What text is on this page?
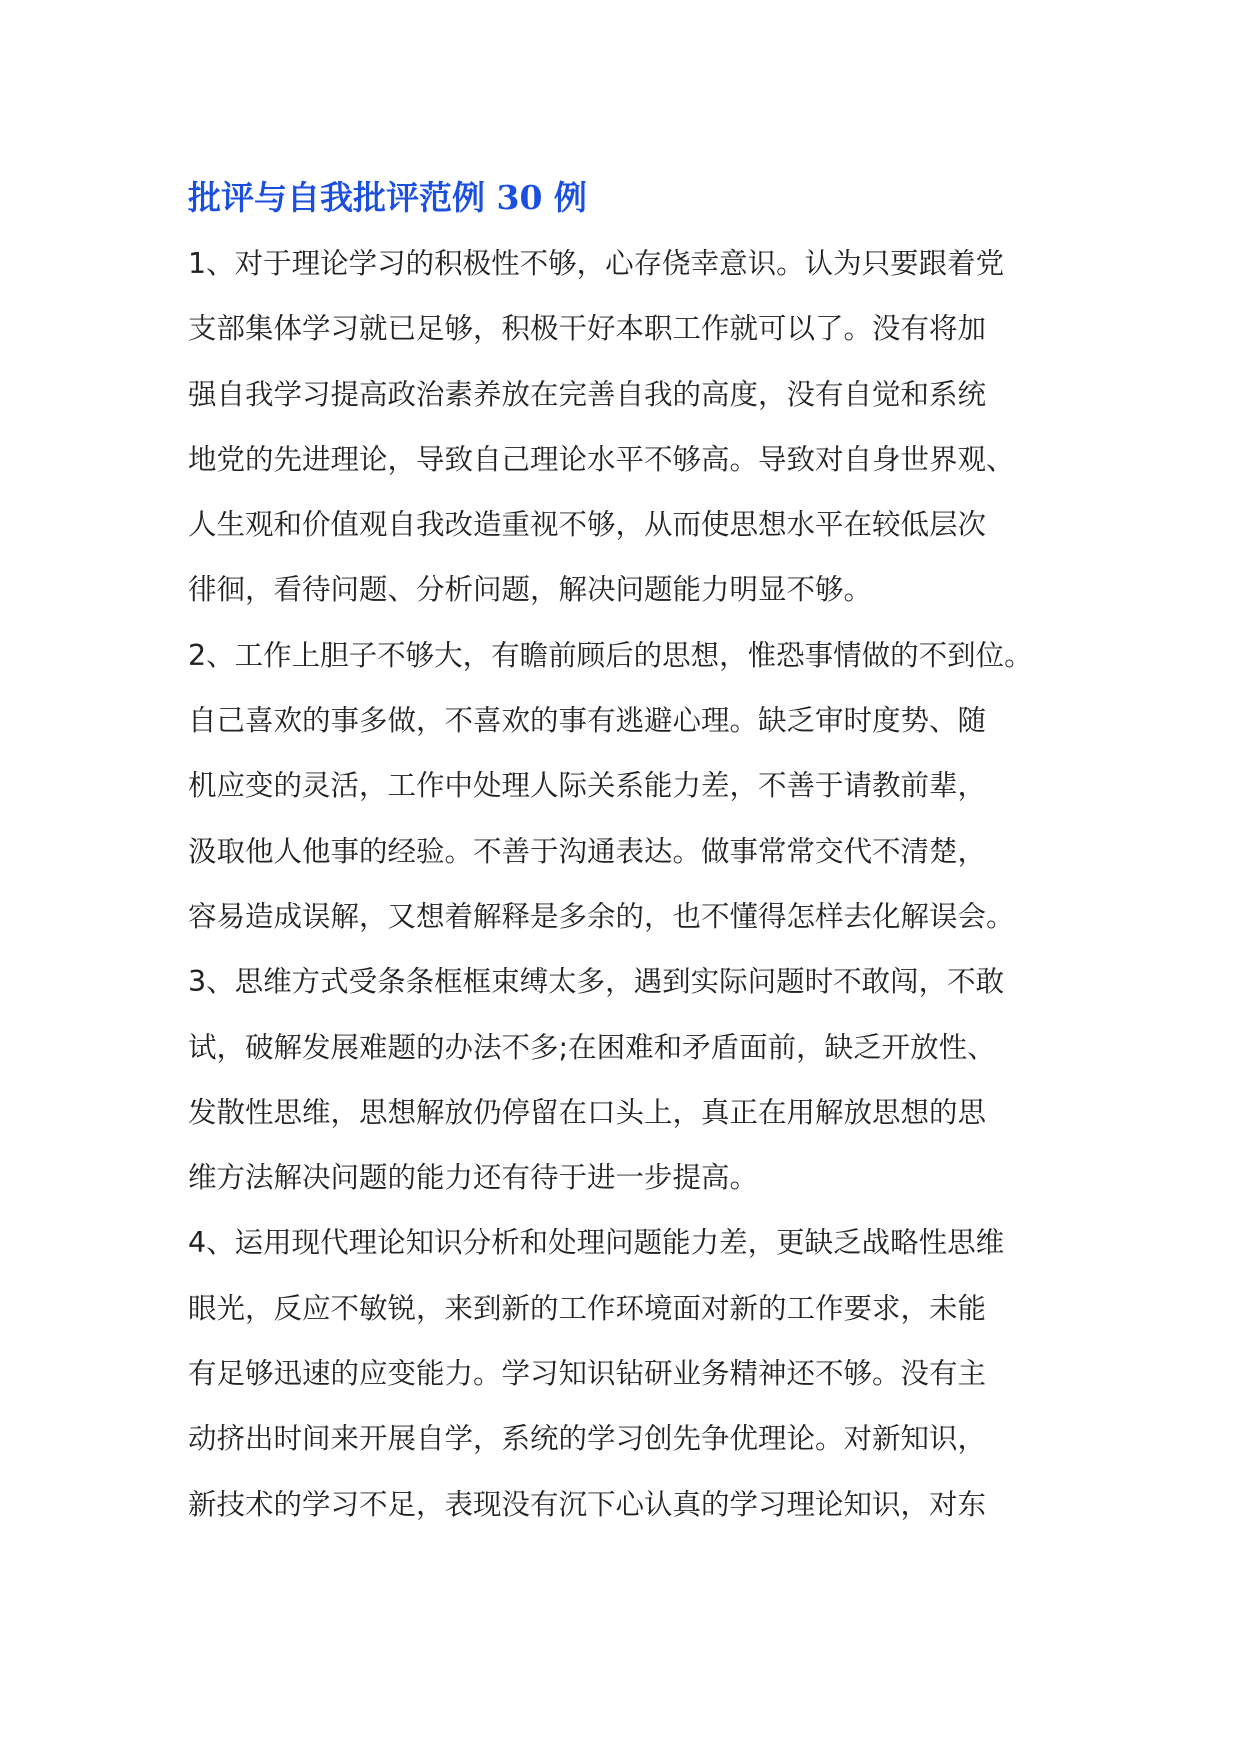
批评与自我批评范例 30 例
1、对于理论学习的积极性不够，心存侥幸意识。认为只要跟着党
支部集体学习就已足够，积极干好本职工作就可以了。没有将加
强自我学习提高政治素养放在完善自我的高度，没有自觉和系统
地党的先进理论，导致自己理论水平不够高。导致对自身世界观、
人生观和价值观自我改造重视不够，从而使思想水平在较低层次
徘徊，看待问题、分析问题，解决问题能力明显不够。
2、工作上胆子不够大，有瞻前顾后的思想，惟恐事情做的不到位。
自己喜欢的事多做，不喜欢的事有逃避心理。缺乏审时度势、随
机应变的灵活，工作中处理人际关系能力差，不善于请教前辈，
汲取他人他事的经验。不善于沟通表达。做事常常交代不清楚，
容易造成误解，又想着解释是多余的，也不懂得怎样去化解误会。
3、思维方式受条条框框束缚太多，遇到实际问题时不敢闯，不敢
试，破解发展难题的办法不多;在困难和矛盾面前，缺乏开放性、
发散性思维，思想解放仍停留在口头上，真正在用解放思想的思
维方法解决问题的能力还有待于进一步提高。
4、运用现代理论知识分析和处理问题能力差，更缺乏战略性思维
眼光，反应不敏锐，来到新的工作环境面对新的工作要求，未能
有足够迅速的应变能力。学习知识钻研业务精神还不够。没有主
动挤出时间来开展自学，系统的学习创先争优理论。对新知识，
新技术的学习不足，表现没有沉下心认真的学习理论知识，对东
